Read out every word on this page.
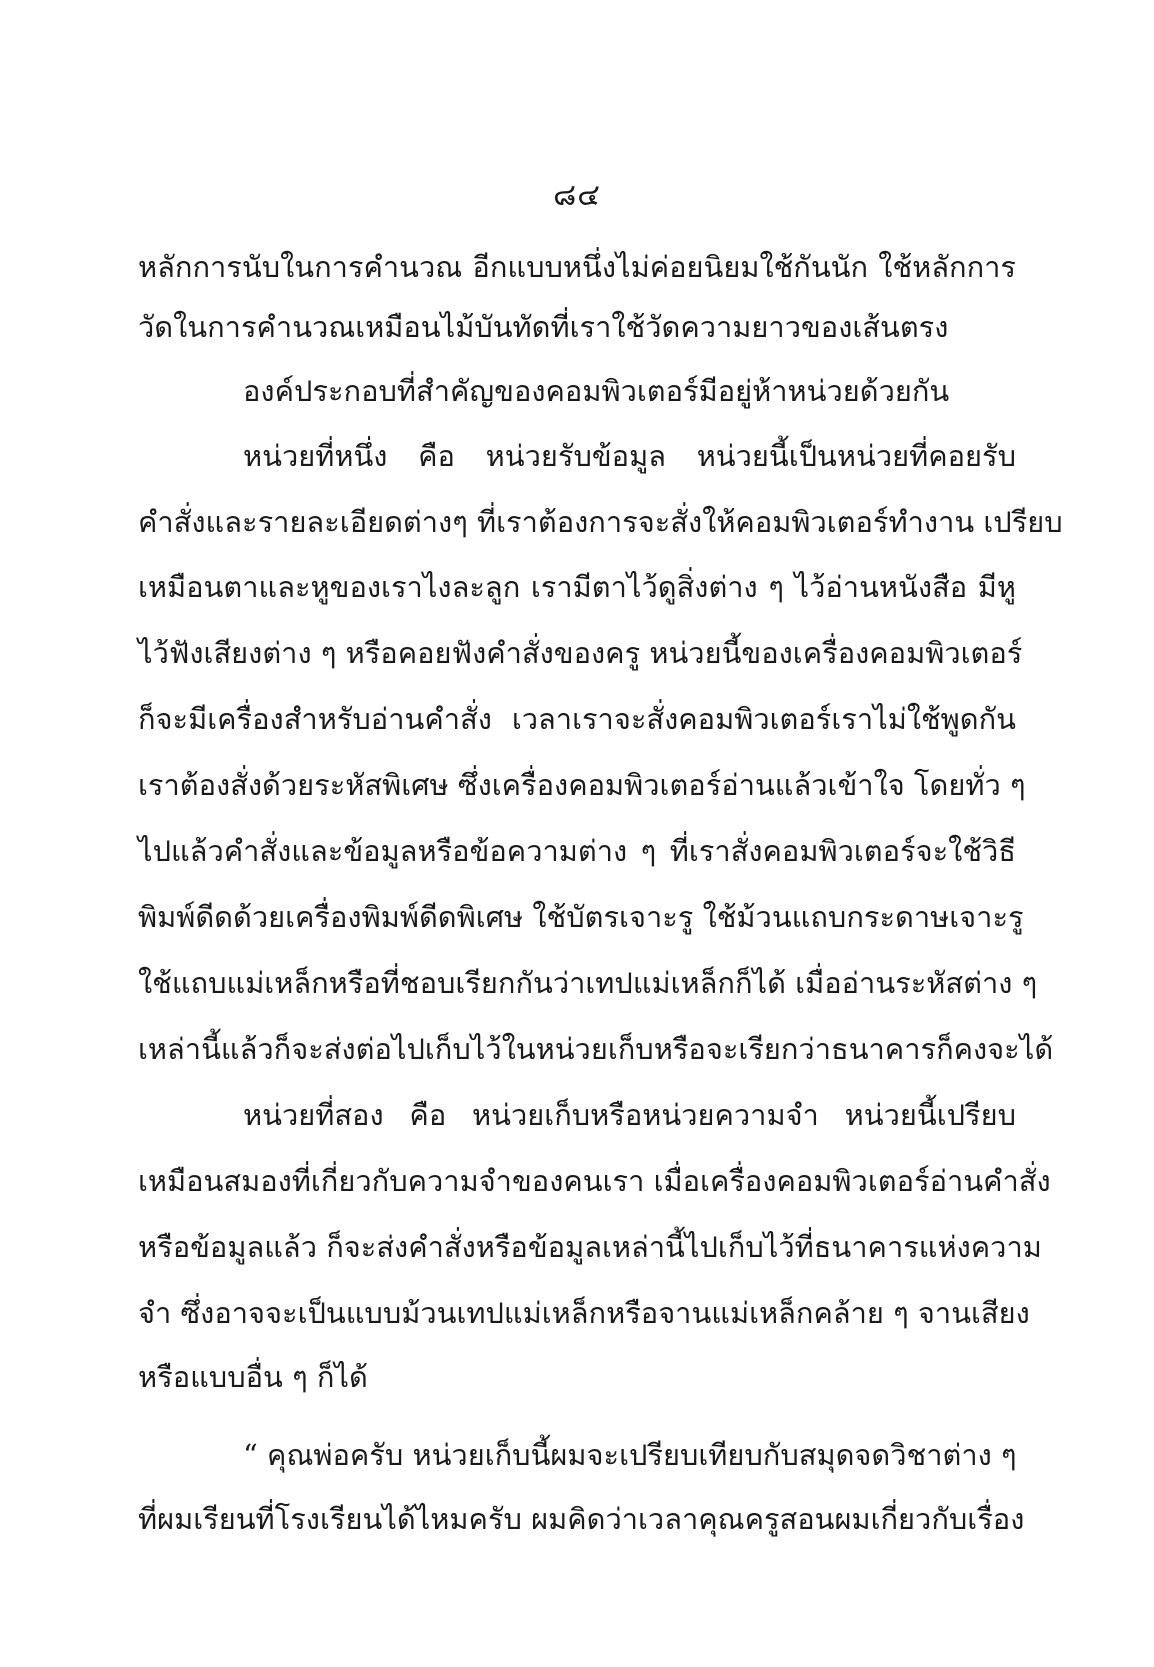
๘๔
หลักการนับในการคำนวณ อีกแบบหนึ่งไม่ค่อยนิยมใช้กันนัก ใช้หลักการ
วัดในการคำนวณเหมือนไม้บันทัดที่เราใช้วัดความยาวของเส้นตรง
องค์ประกอบที่สำคัญของคอมพิวเตอร์มีอยู่ห้าหน่วยด้วยกัน
หน่วยที่หนึ่ง คือ หน่วยรับข้อมูล หน่วยนี้เป็นหน่วยที่คอยรับ
คำสั่งและรายละเอียดต่างๆ ที่เราต้องการจะสั่งให้คอมพิวเตอร์ทำงาน เปรียบ
เหมือนตาและหูของเราไงละลูก เรามีตาไว้ดูสิ่งต่าง ๆ ไว้อ่านหนังสือ มีหู
ไว้ฟังเสียงต่าง ๆ หรือคอยฟังคำสั่งของครู หน่วยนี้ของเครื่องคอมพิวเตอร์
ก็จะมีเครื่องสำหรับอ่านคำสั่ง เวลาเราจะสั่งคอมพิวเตอร์เราไม่ใช้พูดกัน
เราต้องสั่งด้วยระหัสพิเศษ ซึ่งเครื่องคอมพิวเตอร์อ่านแล้วเข้าใจ โดยทั่ว ๆ
ไปแล้วคำสั่งและข้อมูลหรือข้อความต่าง ๆ ที่เราสั่งคอมพิวเตอร์จะใช้วิธี
พิมพ์ดีดด้วยเครื่องพิมพ์ดีดพิเศษ ใช้บัตรเจาะรู ใช้ม้วนแถบกระดาษเจาะรู
ใช้แถบแม่เหล็กหรือที่ชอบเรียกกันว่าเทปแม่เหล็กก็ได้ เมื่ออ่านระหัสต่าง ๆ
เหล่านี้แล้วก็จะส่งต่อไปเก็บไว้ในหน่วยเก็บหรือจะเรียกว่าธนาคารก็คงจะได้
หน่วยที่สอง คือ หน่วยเก็บหรือหน่วยความจำ หน่วยนี้เปรียบ
เหมือนสมองที่เกี่ยวกับความจำของคนเรา เมื่อเครื่องคอมพิวเตอร์อ่านคำสั่ง
หรือข้อมูลแล้ว ก็จะส่งคำสั่งหรือข้อมูลเหล่านี้ไปเก็บไว้ที่ธนาคารแห่งความ
จำ ซึ่งอาจจะเป็นแบบม้วนเทปแม่เหล็กหรือจานแม่เหล็กคล้าย ๆ จานเสียง
หรือแบบอื่น ๆ ก็ได้
“ คุณพ่อครับ หน่วยเก็บนี้ผมจะเปรียบเทียบกับสมุดจดวิชาต่าง ๆ
ที่ผมเรียนที่โรงเรียนได้ไหมครับ ผมคิดว่าเวลาคุณครูสอนผมเกี่ยวกับเรื่อง
